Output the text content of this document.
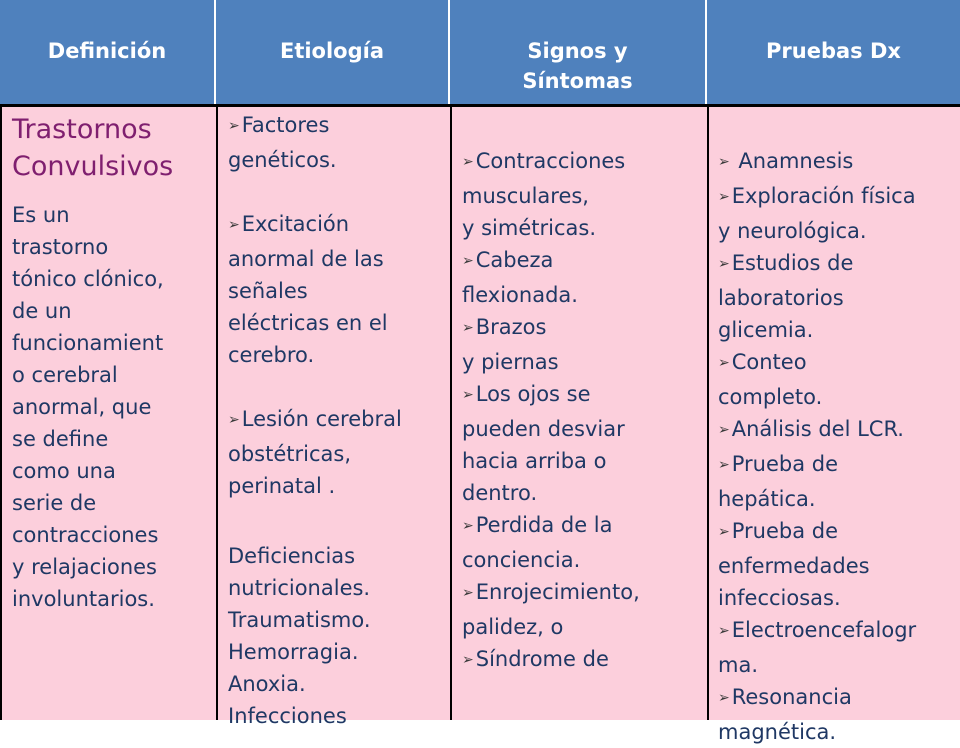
Definición	Etiología	Signos y Síntomas
Pruebas Dx
Trastornos
Convulsivos
Es un
trastorno
tónico clónico,
de un
funcionamient
o cerebral
anormal, que
se define
como una
serie de
contracciones
y relajaciones
involuntarios.
➢Factores
genéticos.
➢Excitación
anormal de las
señales
eléctricas en el
cerebro.
➢Lesión cerebral
obstétricas,
perinatal .
Deficiencias
nutricionales.
Traumatismo.
Hemorragia.
Anoxia.
Infecciones
➢Contracciones
musculares,
y simétricas.
➢Cabeza
flexionada.
➢Brazos
y piernas
➢Los ojos se
pueden desviar
hacia arriba o
dentro.
➢Perdida de la
conciencia.
➢Enrojecimiento,
palidez, o
➢Síndrome de
➢ Anamnesis
➢Exploración física
y neurológica.
➢Estudios de
laboratorios
glicemia.
➢Conteo
completo.
➢Análisis del LCR.
➢Prueba de
hepática.
➢Prueba de
enfermedades
infecciosas.
➢Electroencefalogr
ma.
➢Resonancia
magnética.
